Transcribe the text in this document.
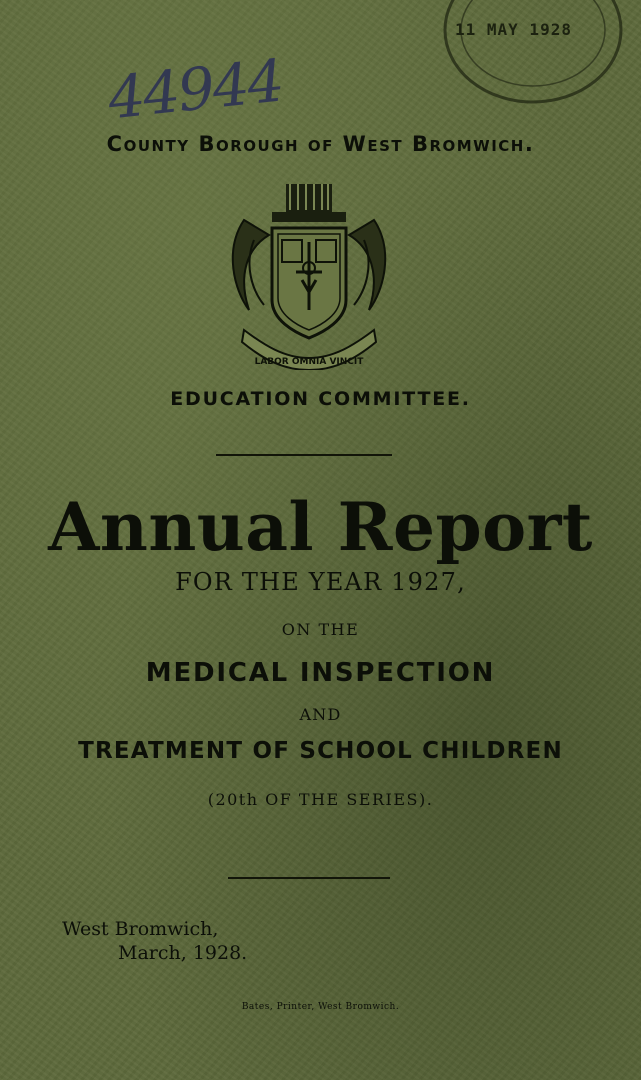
44944
11 MAY 1928
County Borough of West Bromwich.
LABOR OMNIA VINCIT
EDUCATION COMMITTEE.
Annual Report
FOR THE YEAR 1927,
ON THE
MEDICAL INSPECTION
AND
TREATMENT OF SCHOOL CHILDREN
(20th OF THE SERIES).
West Bromwich,
March, 1928.
Bates, Printer, West Bromwich.
